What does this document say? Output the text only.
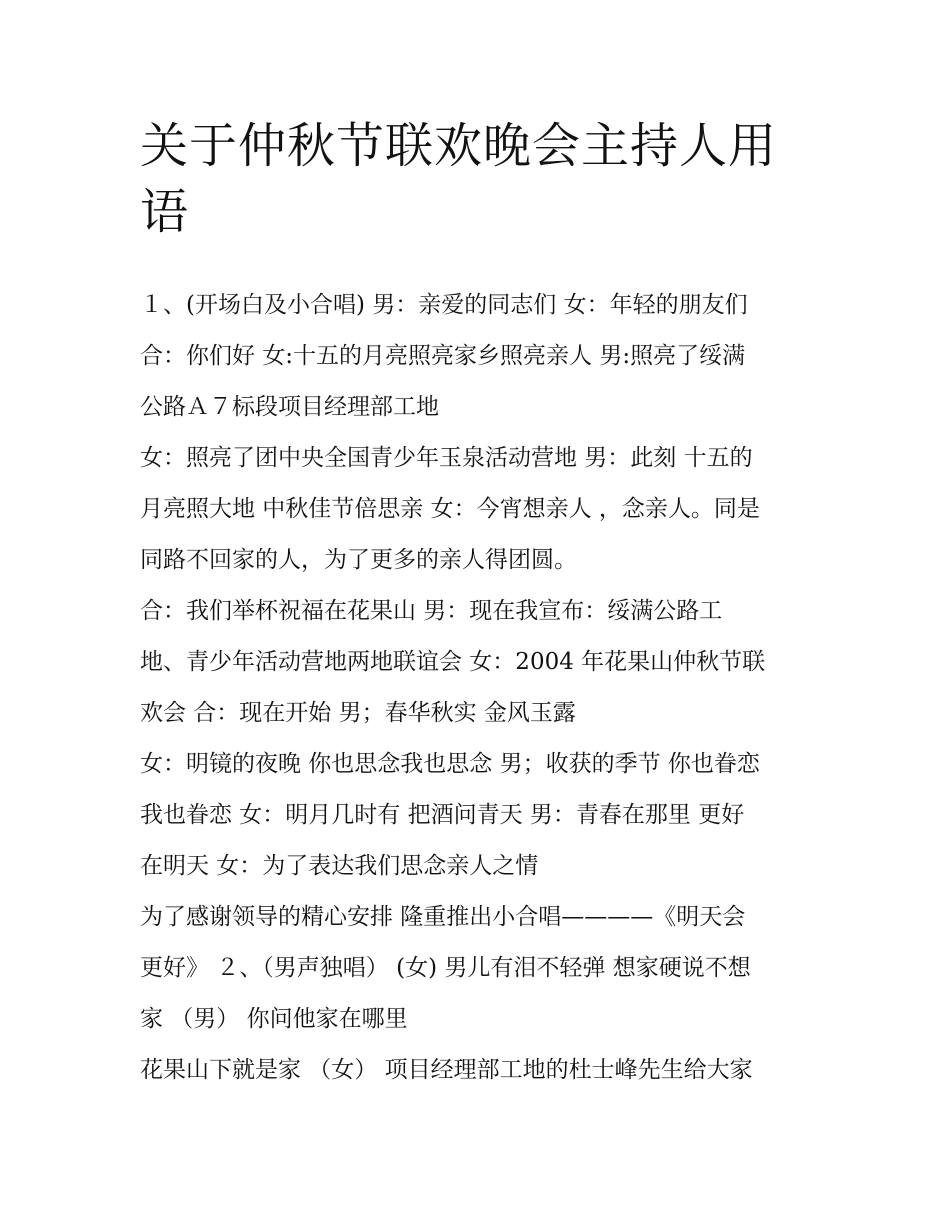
关于仲秋节联欢晚会主持人用语
１、(开场白及小合唱) 男：亲爱的同志们 女：年轻的朋友们
合：你们好 女:十五的月亮照亮家乡照亮亲人 男:照亮了绥满
公路Ａ７标段项目经理部工地
女：照亮了团中央全国青少年玉泉活动营地 男：此刻 十五的
月亮照大地 中秋佳节倍思亲 女：今宵想亲人 ，念亲人。同是
同路不回家的人，为了更多的亲人得团圆。
合：我们举杯祝福在花果山 男：现在我宣布：绥满公路工
地、青少年活动营地两地联谊会 女：2004 年花果山仲秋节联
欢会 合：现在开始 男；春华秋实 金风玉露
女：明镜的夜晚 你也思念我也思念 男；收获的季节 你也眷恋
我也眷恋 女：明月几时有 把酒问青天 男：青春在那里 更好
在明天 女：为了表达我们思念亲人之情
为了感谢领导的精心安排 隆重推出小合唱————《明天会
更好》 ２、（男声独唱） (女) 男儿有泪不轻弹 想家硬说不想
家 （男） 你问他家在哪里
花果山下就是家 （女） 项目经理部工地的杜士峰先生给大家
